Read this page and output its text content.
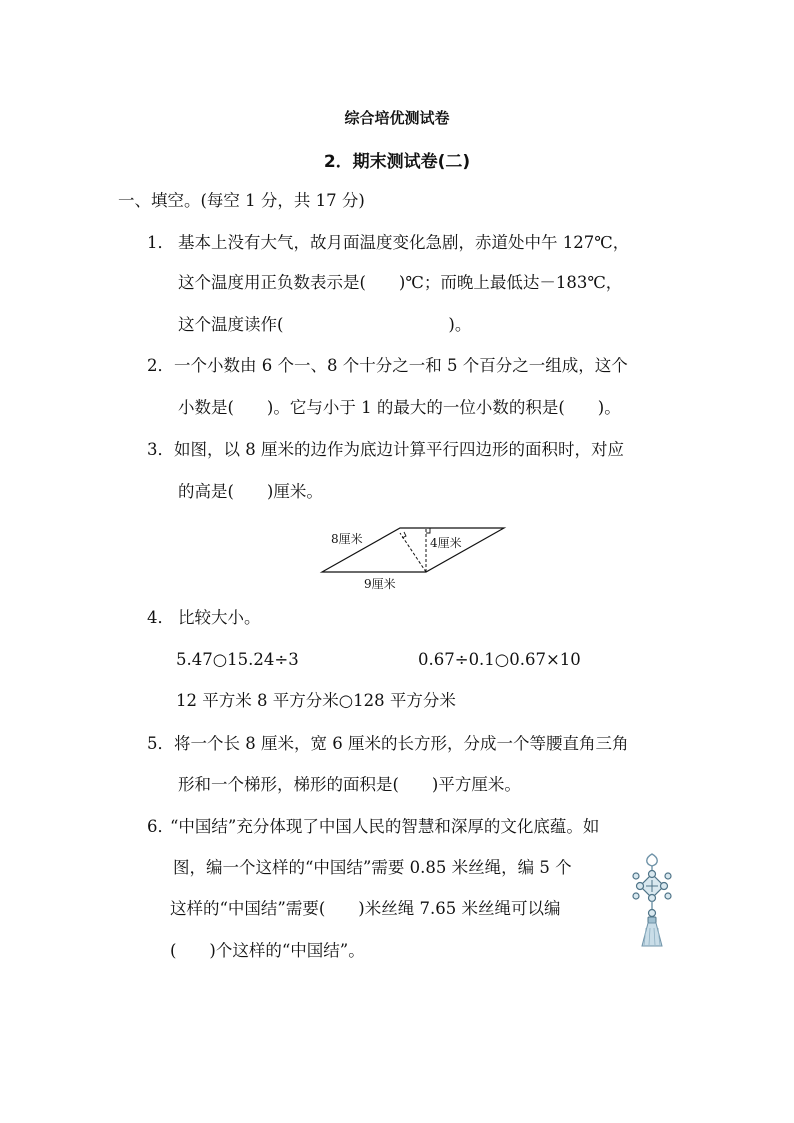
综合培优测试卷
2．期末测试卷(二)
一、填空。(每空 1 分，共 17 分)
1． 基本上没有大气，故月面温度变化急剧，赤道处中午 127℃，
这个温度用正负数表示是(　　)℃；而晚上最低达－183℃，
这个温度读作(　　　　　　　　　　)。
2． 一个小数由 6 个一、8 个十分之一和 5 个百分之一组成，这个
小数是(　　)。它与小于 1 的最大的一位小数的积是(　　)。
3． 如图，以 8 厘米的边作为底边计算平行四边形的面积时，对应
的高是(　　)厘米。
8厘米	4厘米
9厘米
4． 比较大小。
5.47○15.24÷3	0.67÷0.1○0.67×10
12 平方米 8 平方分米○128 平方分米
5． 将一个长 8 厘米，宽 6 厘米的长方形，分成一个等腰直角三角
形和一个梯形，梯形的面积是(　　)平方厘米。
6．
“中国结”充分体现了中国人民的智慧和深厚的文化底蕴。如
图，编一个这样的“中国结”需要 0.85 米丝绳，编 5 个
这样的“中国结”需要(　　)米丝绳 7.65 米丝绳可以编
(　　)个这样的“中国结”。
